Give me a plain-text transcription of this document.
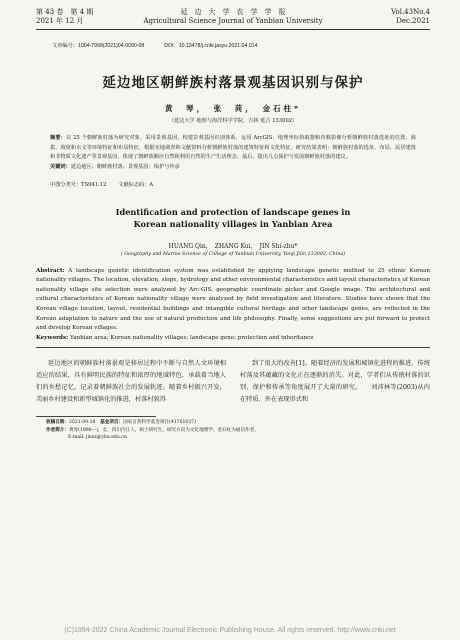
第 43 卷　第 4 期
2021 年 12 月
延　边　大　学　农　学　学　报
Agricultural Science Journal of Yanbian University
Vol.43No.4
Dec.2021
文章编号：1004-7999(2021)04-0090-08	DOI：10.13478/j.cnki.jasyu.2021.04.014
延边地区朝鲜族村落景观基因识别与保护
黄　琴，　张　苘，　金石柱*
（延边大学 地理与海洋科学学院，吉林 延吉 133002）

摘要：以 25 个朝鲜族村落为研究对象，采用景观基因，构建景观基因识别体系，运用 ArcGIS、地理坐标拾取器和谷歌影像分析朝鲜族村落选址的位置、海拔、坡度和水文等环境特征和布局特征，根据实地调查和文献资料分析朝鲜族村落的建筑特征和文化特征。研究结果表明：朝鲜族村落的选址、布局、民居建筑和非物质文化遗产等景观基因，体现了朝鲜族顺应自然和利用自然的生产生活理念。最后，提出几点保护与发展朝鲜族村落的建议。

关键词：延边地区；朝鲜族村落；景观基因；保护与传承

中图分类号：TS941.12 文献标志码：A
Identification and protection of landscape genes in
Korean nationality villages in Yanbian Area
HUANG Qin，　ZHANG Kui，　JIN Shi-zhu*
( Geography and Marine Science of College of Yanbian University, Yanji Jilin 133002, China)

Abstract: A landscape genetic identification system was established by applying landscape genetic method to 25 ethnic Korean nationality villages. The location, elevation, slope, hydrology and other environmental characteristics and layout characteristics of Korean nationality village site selection were analyzed by Arc-GIS, geographic coordinate picker and Google image. The architectural and cultural characteristics of Korean nationality village were analyzed by field investigation and literature. Studies have shown that the Korean village location, layout, residential buildings and intangible cultural heritage and other landscape genes, are reflected in the Korean adaptation to nature and the use of natural production and life philosophy. Finally, some suggestions are put forward to protect and develop Korean villages.

Keywords: Yanbian area; Korean nationality villages; landscape gene; protection and inheritance

延边地区的朝鲜族村落景观是移居过程中不断与自然人文环境相适应的结果，具有鲜明民族的特征和浓厚的地域特色，承载着当地人们的乡愁记忆，记录着朝鲜族社会的发展轨迹。随着乡村振兴开发，美丽乡村建设和新型城镇化的推进，村落村貌得

到了很大的改善[1]。随着经济的发展和城镇化进程的推进，传统村落及其蕴藏的文化正在逐渐的消失。对此，学者们从传统村落的识别、保护和传承等角度展开了大量的研究。　　刘沛林等(2003)从内在特质、外在表现形式和

收稿日期：2021-09-18　 基金项目：国家自然科学基金项目(41761027)
作者简介：黄琴(1996—)，女，四川内江人，硕士研究生，研究方向为文化地理学。金石柱为通信作者，
E-mail: jinsz@ybu.edu.cn
(C)1994-2022 China Academic Journal Electronic Publishing House. All rights reserved. http://www.cnki.net
